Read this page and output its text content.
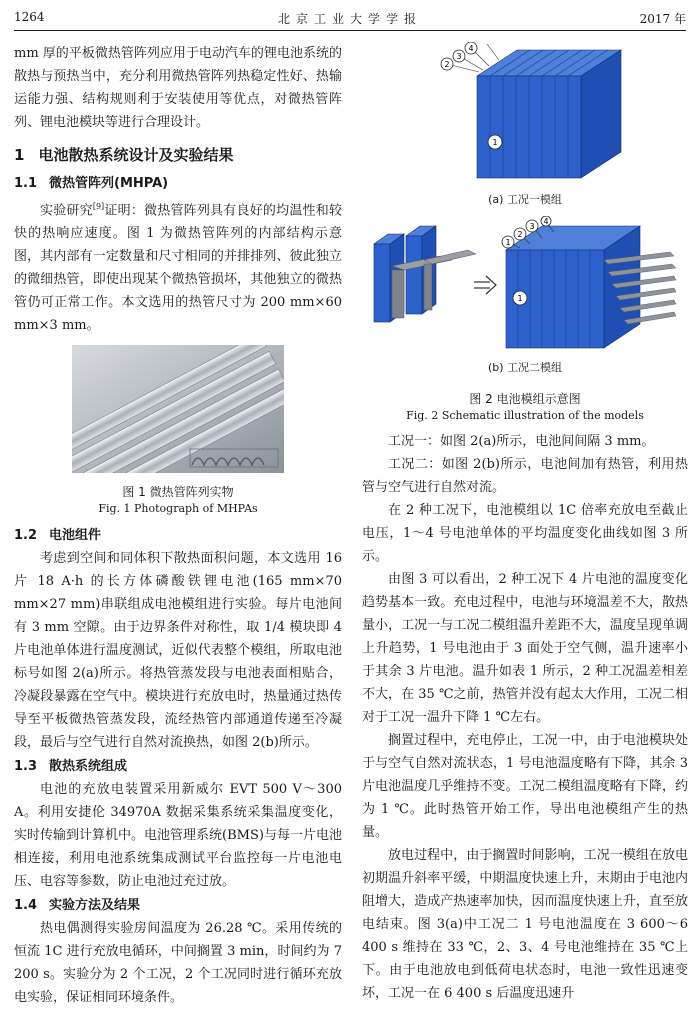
1264	北京工业大学学报	2017 年

mm 厚的平板微热管阵列应用于电动汽车的锂电池系统的散热与预热当中，充分利用微热管阵列热稳定性好、热输运能力强、结构规则利于安装使用等优点，对微热管阵列、锂电池模块等进行合理设计。

1 电池散热系统设计及实验结果
1.1 微热管阵列(MHPA)

实验研究[9]证明：微热管阵列具有良好的均温性和较快的热响应速度。图 1 为微热管阵列的内部结构示意图，其内部有一定数量和尺寸相同的并排排列、彼此独立的微细热管，即使出现某个微热管损坏，其他独立的微热管仍可正常工作。本文选用的热管尺寸为 200 mm×60 mm×3 mm。

图 1 微热管阵列实物
Fig. 1 Photograph of MHPAs
1.2 电池组件

考虑到空间和同体积下散热面积问题，本文选用 16 片 18 A·h 的长方体磷酸铁锂电池(165 mm×70 mm×27 mm)串联组成电池模组进行实验。每片电池间有 3 mm 空隙。由于边界条件对称性，取 1/4 模块即 4 片电池单体进行温度测试，近似代表整个模组，所取电池标号如图 2(a)所示。将热管蒸发段与电池表面相贴合，冷凝段暴露在空气中。模块进行充放电时，热量通过热传导至平板微热管蒸发段，流经热管内部通道传递至冷凝段，最后与空气进行自然对流换热，如图 2(b)所示。

1.3 散热系统组成

电池的充放电装置采用新威尔 EVT 500 V～300 A。利用安捷伦 34970A 数据采集系统采集温度变化，实时传输到计算机中。电池管理系统(BMS)与每一片电池相连接，利用电池系统集成测试平台监控每一片电池电压、电容等参数，防止电池过充过放。

1.4 实验方法及结果

热电偶测得实验房间温度为 26.28 ℃。采用传统的恒流 1C 进行充放电循环，中间搁置 3 min，时间约为 7 200 s。实验分为 2 个工况，2 个工况同时进行循环充放电实验，保证相同环境条件。

2
3
4
1
(a) 工况一模组
1
2
3
4
1
(b) 工况二模组
图 2 电池模组示意图
Fig. 2 Schematic illustration of the models

工况一：如图 2(a)所示，电池间间隔 3 mm。

工况二：如图 2(b)所示，电池间加有热管，利用热管与空气进行自然对流。

在 2 种工况下，电池模组以 1C 倍率充放电至截止电压，1～4 号电池单体的平均温度变化曲线如图 3 所示。

由图 3 可以看出，2 种工况下 4 片电池的温度变化趋势基本一致。充电过程中，电池与环境温差不大，散热量小，工况一与工况二模组温升差距不大，温度呈现单调上升趋势，1 号电池由于 3 面处于空气侧，温升速率小于其余 3 片电池。温升如表 1 所示，2 种工况温差相差不大，在 35 ℃之前，热管并没有起太大作用，工况二相对于工况一温升下降 1 ℃左右。

搁置过程中，充电停止，工况一中，由于电池模块处于与空气自然对流状态，1 号电池温度略有下降，其余 3 片电池温度几乎维持不变。工况二模组温度略有下降，约为 1 ℃。此时热管开始工作，导出电池模组产生的热量。

放电过程中，由于搁置时间影响，工况一模组在放电初期温升斜率平缓，中期温度快速上升，末期由于电池内阻增大，造成产热速率加快，因而温度快速上升，直至放电结束。图 3(a)中工况二 1 号电池温度在 3 600～6 400 s 维持在 33 ℃，2、3、4 号电池维持在 35 ℃上下。由于电池放电到低荷电状态时，电池一致性迅速变坏，工况一在 6 400 s 后温度迅速升
